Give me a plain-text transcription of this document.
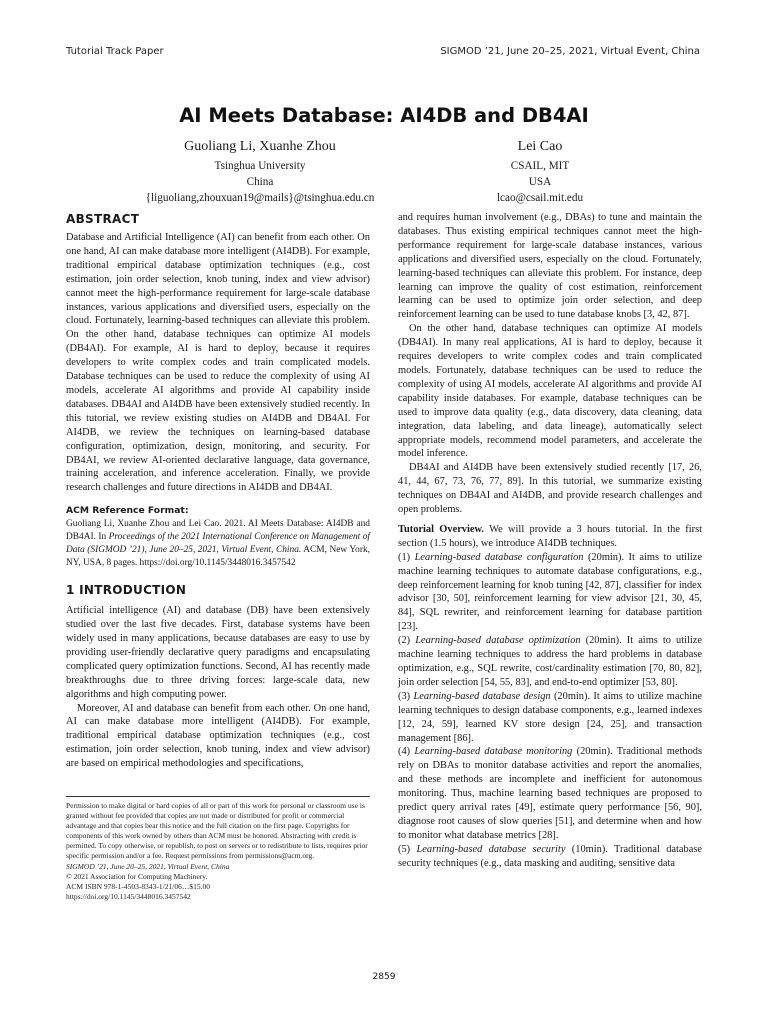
Tutorial Track Paper	SIGMOD ’21, June 20–25, 2021, Virtual Event, China
AI Meets Database: AI4DB and DB4AI
Guoliang Li, Xuanhe Zhou
Tsinghua University
China
{liguoliang,zhouxuan19@mails}@tsinghua.edu.cn
Lei Cao
CSAIL, MIT
USA
lcao@csail.mit.edu
ABSTRACT

Database and Artificial Intelligence (AI) can benefit from each other. On one hand, AI can make database more intelligent (AI4DB). For example, traditional empirical database optimization techniques (e.g., cost estimation, join order selection, knob tuning, index and view advisor) cannot meet the high-performance requirement for large-scale database instances, various applications and diversified users, especially on the cloud. Fortunately, learning-based techniques can alleviate this problem. On the other hand, database techniques can optimize AI models (DB4AI). For example, AI is hard to deploy, because it requires developers to write complex codes and train complicated models. Database techniques can be used to reduce the complexity of using AI models, accelerate AI algorithms and provide AI capability inside databases. DB4AI and AI4DB have been extensively studied recently. In this tutorial, we review existing studies on AI4DB and DB4AI. For AI4DB, we review the techniques on learning-based database configuration, optimization, design, monitoring, and security. For DB4AI, we review AI-oriented declarative language, data governance, training acceleration, and inference acceleration. Finally, we provide research challenges and future directions in AI4DB and DB4AI.

ACM Reference Format:

Guoliang Li, Xuanhe Zhou and Lei Cao. 2021. AI Meets Database: AI4DB and DB4AI. In Proceedings of the 2021 International Conference on Management of Data (SIGMOD ’21), June 20–25, 2021, Virtual Event, China. ACM, New York, NY, USA, 8 pages. https://doi.org/10.1145/3448016.3457542

1 INTRODUCTION

Artificial intelligence (AI) and database (DB) have been extensively studied over the last five decades. First, database systems have been widely used in many applications, because databases are easy to use by providing user-friendly declarative query paradigms and encapsulating complicated query optimization functions. Second, AI has recently made breakthroughs due to three driving forces: large-scale data, new algorithms and high computing power.

Moreover, AI and database can benefit from each other. On one hand, AI can make database more intelligent (AI4DB). For example, traditional empirical database optimization techniques (e.g., cost estimation, join order selection, knob tuning, index and view advisor) are based on empirical methodologies and specifications,

Permission to make digital or hard copies of all or part of this work for personal or classroom use is granted without fee provided that copies are not made or distributed for profit or commercial advantage and that copies bear this notice and the full citation on the first page. Copyrights for components of this work owned by others than ACM must be honored. Abstracting with credit is permitted. To copy otherwise, or republish, to post on servers or to redistribute to lists, requires prior specific permission and/or a fee. Request permissions from permissions@acm.org.
SIGMOD ’21, June 20–25, 2021, Virtual Event, China
© 2021 Association for Computing Machinery.
ACM ISBN 978-1-4503-8343-1/21/06…$15.00
https://doi.org/10.1145/3448016.3457542

and requires human involvement (e.g., DBAs) to tune and maintain the databases. Thus existing empirical techniques cannot meet the high-performance requirement for large-scale database instances, various applications and diversified users, especially on the cloud. Fortunately, learning-based techniques can alleviate this problem. For instance, deep learning can improve the quality of cost estimation, reinforcement learning can be used to optimize join order selection, and deep reinforcement learning can be used to tune database knobs [3, 42, 87].

On the other hand, database techniques can optimize AI models (DB4AI). In many real applications, AI is hard to deploy, because it requires developers to write complex codes and train complicated models. Fortunately, database techniques can be used to reduce the complexity of using AI models, accelerate AI algorithms and provide AI capability inside databases. For example, database techniques can be used to improve data quality (e.g., data discovery, data cleaning, data integration, data labeling, and data lineage), automatically select appropriate models, recommend model parameters, and accelerate the model inference.

DB4AI and AI4DB have been extensively studied recently [17, 26, 41, 44, 67, 73, 76, 77, 89]. In this tutorial, we summarize existing techniques on DB4AI and AI4DB, and provide research challenges and open problems.

Tutorial Overview. We will provide a 3 hours tutorial. In the first section (1.5 hours), we introduce AI4DB techniques.

(1) Learning-based database configuration (20min). It aims to utilize machine learning techniques to automate database configurations, e.g., deep reinforcement learning for knob tuning [42, 87], classifier for index advisor [30, 50], reinforcement learning for view advisor [21, 30, 45, 84], SQL rewriter, and reinforcement learning for database partition [23].

(2) Learning-based database optimization (20min). It aims to utilize machine learning techniques to address the hard problems in database optimization, e.g., SQL rewrite, cost/cardinality estimation [70, 80, 82], join order selection [54, 55, 83], and end-to-end optimizer [53, 80].

(3) Learning-based database design (20min). It aims to utilize machine learning techniques to design database components, e.g., learned indexes [12, 24, 59], learned KV store design [24, 25], and transaction management [86].

(4) Learning-based database monitoring (20min). Traditional methods rely on DBAs to monitor database activities and report the anomalies, and these methods are incomplete and inefficient for autonomous monitoring. Thus, machine learning based techniques are proposed to predict query arrival rates [49], estimate query performance [56, 90], diagnose root causes of slow queries [51], and determine when and how to monitor what database metrics [28].

(5) Learning-based database security (10min). Traditional database security techniques (e.g., data masking and auditing, sensitive data

2859
